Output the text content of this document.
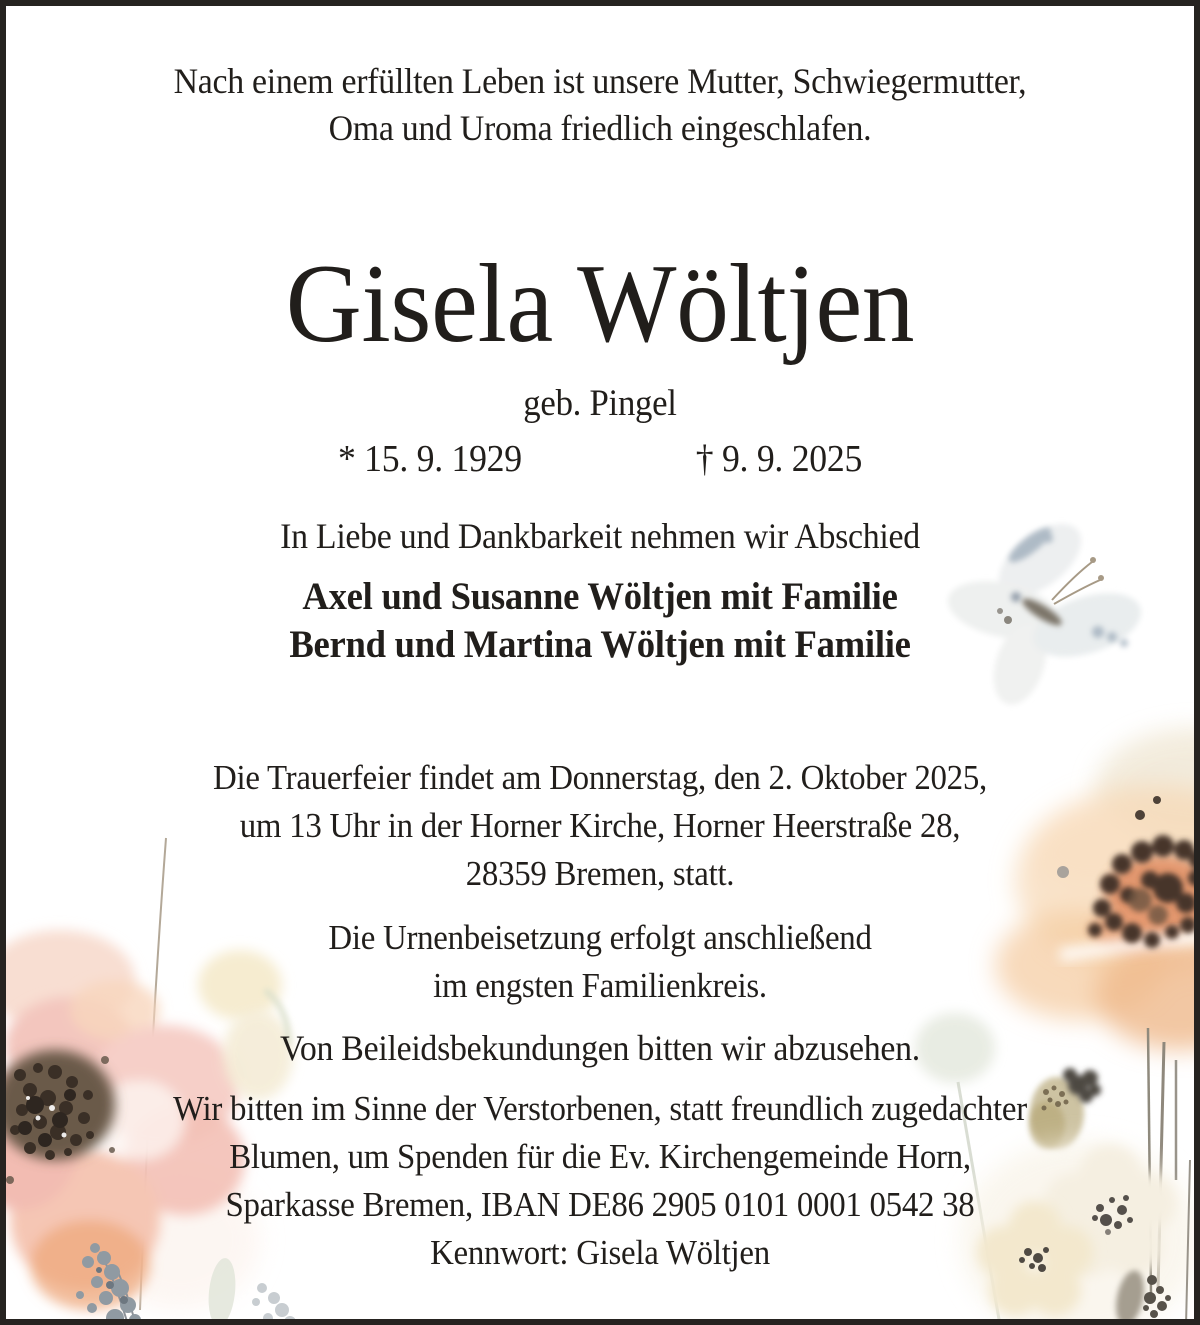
Nach einem erfüllten Leben ist unsere Mutter, Schwiegermutter,
Oma und Uroma friedlich eingeschlafen.
Gisela Wöltjen
geb. Pingel
* 15. 9. 1929	† 9. 9. 2025
In Liebe und Dankbarkeit nehmen wir Abschied
Axel und Susanne Wöltjen mit Familie
Bernd und Martina Wöltjen mit Familie
Die Trauerfeier findet am Donnerstag, den 2. Oktober 2025,
um 13 Uhr in der Horner Kirche, Horner Heerstraße 28,
28359 Bremen, statt.
Die Urnenbeisetzung erfolgt anschließend
im engsten Familienkreis.
Von Beileidsbekundungen bitten wir abzusehen.
Wir bitten im Sinne der Verstorbenen, statt freundlich zugedachter
Blumen, um Spenden für die Ev. Kirchengemeinde Horn,
Sparkasse Bremen, IBAN DE86 2905 0101 0001 0542 38
Kennwort: Gisela Wöltjen
